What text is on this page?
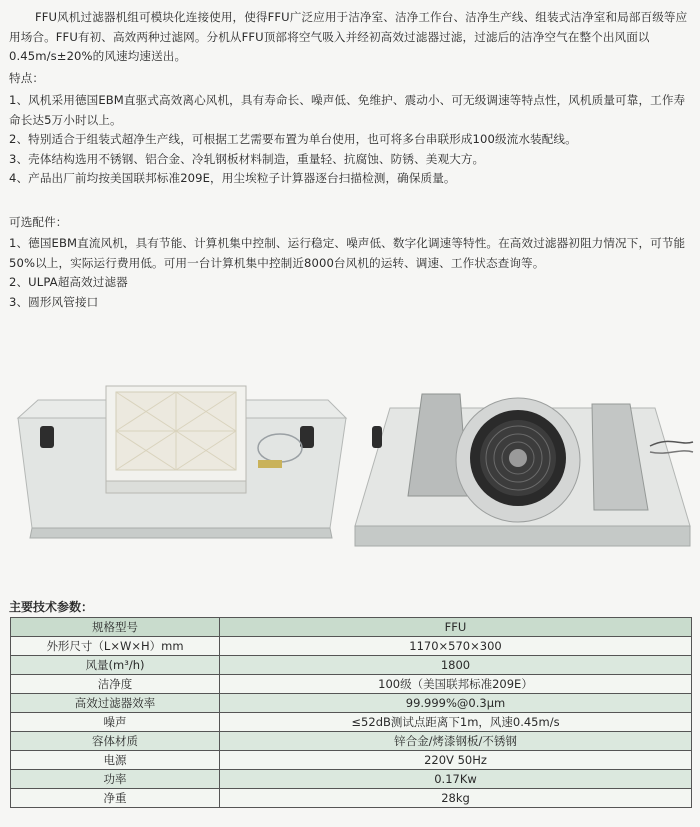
FFU风机过滤器机组可模块化连接使用，使得FFU广泛应用于洁净室、洁净工作台、洁净生产线、组装式洁净室和局部百级等应用场合。FFU有初、高效两种过滤网。分机从FFU顶部将空气吸入并经初高效过滤器过滤，过滤后的洁净空气在整个出风面以0.45m/s±20%的风速均速送出。
特点：

1、风机采用德国EBM直驱式高效离心风机，具有寿命长、噪声低、免维护、震动小、可无级调速等特点性，风机质量可靠，工作寿命长达5万小时以上。

2、特别适合于组装式超净生产线，可根据工艺需要布置为单台使用，也可将多台串联形成100级流水装配线。

3、壳体结构选用不锈钢、铝合金、冷轧钢板材料制造，重量轻、抗腐蚀、防锈、美观大方。

4、产品出厂前均按美国联邦标准209E，用尘埃粒子计算器逐台扫描检测，确保质量。

可选配件：

1、德国EBM直流风机，具有节能、计算机集中控制、运行稳定、噪声低、数字化调速等特性。在高效过滤器初阻力情况下，可节能50%以上，实际运行费用低。可用一台计算机集中控制近8000台风机的运转、调速、工作状态查询等。

2、ULPA超高效过滤器

3、圆形风管接口

主要技术参数：
规格型号	FFU
外形尺寸（L×W×H）mm	1170×570×300
风量(m³/h)	1800
洁净度	100级（美国联邦标准209E）
高效过滤器效率	99.999%@0.3μm
噪声	≤52dB测试点距离下1m，风速0.45m/s
容体材质	锌合金/烤漆钢板/不锈钢
电源	220V 50Hz
功率	0.17Kw
净重	28kg
